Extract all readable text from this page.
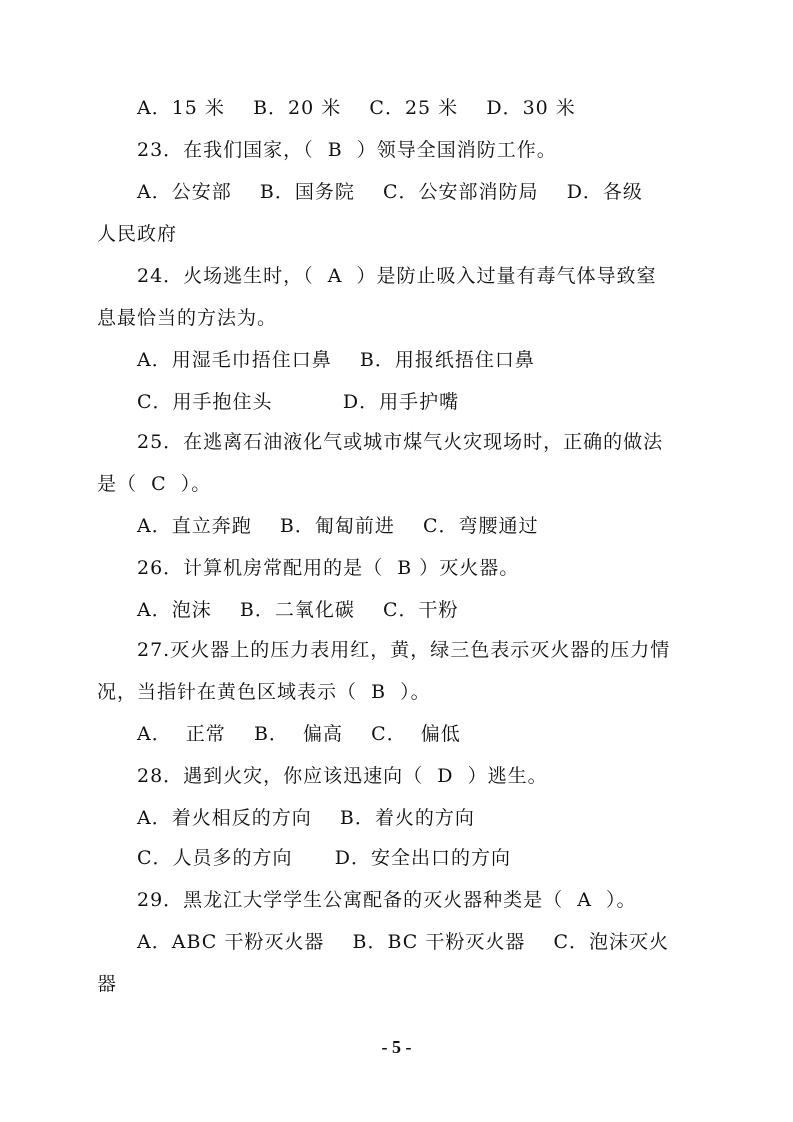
A．15 米    B．20 米    C．25 米    D．30 米
23．在我们国家，（  B  ）领导全国消防工作。
A．公安部    B．国务院    C．公安部消防局    D．各级
人民政府
24．火场逃生时，（  A  ）是防止吸入过量有毒气体导致窒
息最恰当的方法为。
A．用湿毛巾捂住口鼻    B．用报纸捂住口鼻
C．用手抱住头          D．用手护嘴
25．在逃离石油液化气或城市煤气火灾现场时，正确的做法
是（  C  ）。
A．直立奔跑    B．匍匐前进    C．弯腰通过
26．计算机房常配用的是（  B ）灭火器。
A．泡沫    B．二氧化碳    C．干粉
27.灭火器上的压力表用红，黄，绿三色表示灭火器的压力情
况，当指针在黄色区域表示（  B  ）。
A．  正常    B．  偏高    C．  偏低
28．遇到火灾，你应该迅速向（  D  ）逃生。
A．着火相反的方向    B．着火的方向
C．人员多的方向      D．安全出口的方向
29．黑龙江大学学生公寓配备的灭火器种类是（  A  ）。
A．ABC 干粉灭火器    B．BC 干粉灭火器    C．泡沫灭火
器
- 5 -
